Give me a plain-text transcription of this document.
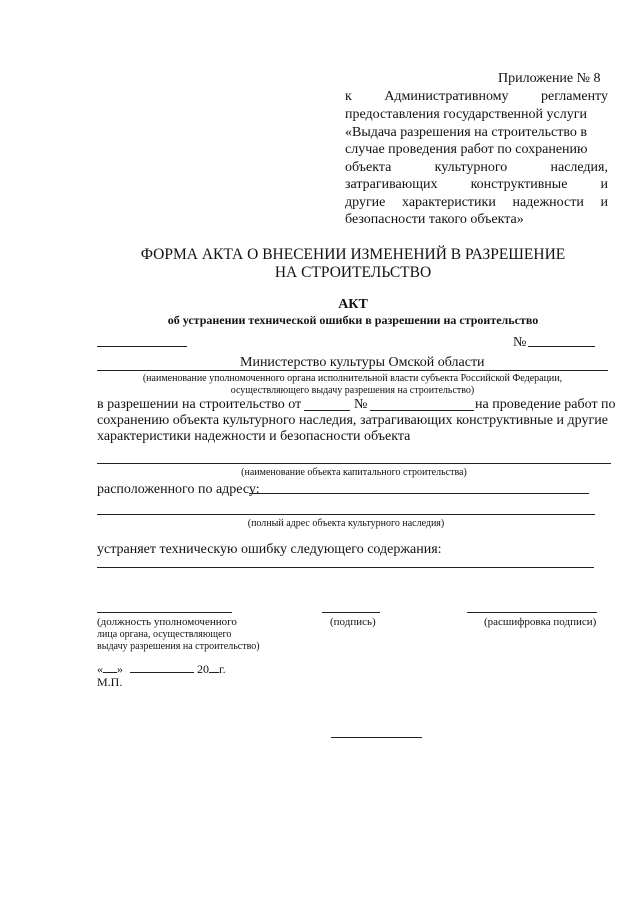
Приложение № 8
к Административному регламенту
предоставления государственной услуги
«Выдача разрешения на строительство в
случае проведения работ по сохранению
объекта	культурного	наследия,
затрагивающих конструктивные и
другие характеристики надежности и
безопасности такого объекта»
ФОРМА АКТА О ВНЕСЕНИИ ИЗМЕНЕНИЙ В РАЗРЕШЕНИЕ
НА СТРОИТЕЛЬСТВО
АКТ
об устранении технической ошибки в разрешении на строительство
№
Министерство культуры Омской области
(наименование уполномоченного органа исполнительной власти субъекта Российской Федерации,
осуществляющего выдачу разрешения на строительство)
в разрешении на строительство от	№	на проведение работ по
сохранению объекта культурного наследия, затрагивающих конструктивные и другие
характеристики надежности и безопасности объекта
(наименование объекта капитального строительства)
расположенного по адресу:
(полный адрес объекта культурного наследия)
устраняет техническую ошибку следующего содержания:
(должность уполномоченного
лица органа, осуществляющего
выдачу разрешения на строительство)
(подпись)	(расшифровка подписи)
« »	20 г.
М.П.
